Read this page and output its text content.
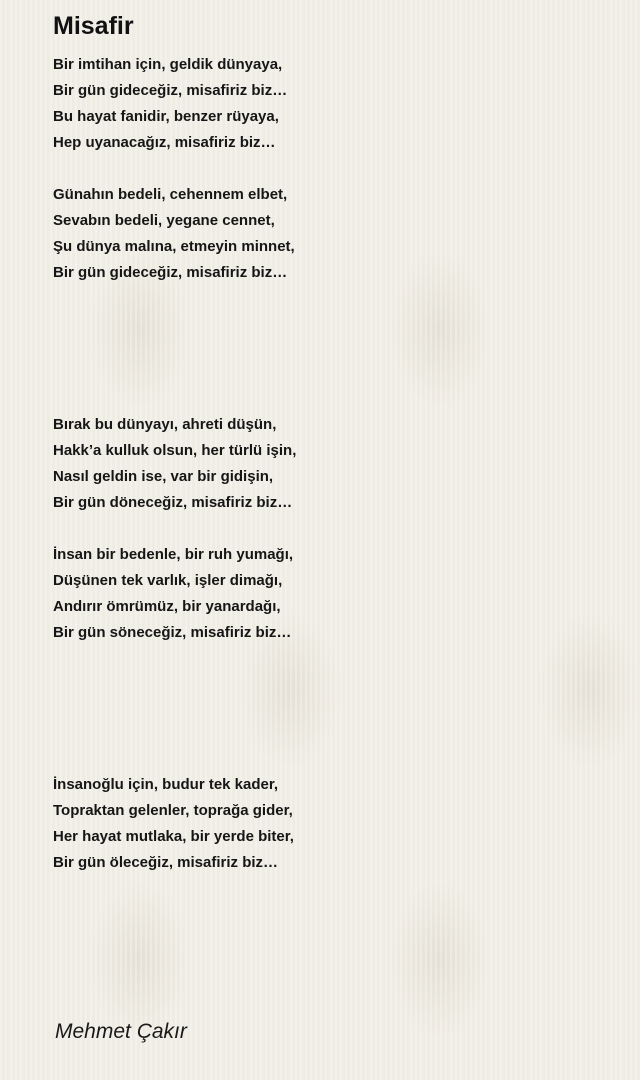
Misafir
Bir imtihan için, geldik dünyaya,
Bir gün gideceğiz, misafiriz biz…
Bu hayat fanidir, benzer rüyaya,
Hep uyanacağız, misafiriz biz…
Günahın bedeli, cehennem elbet,
Sevabın bedeli, yegane cennet,
Şu dünya malına, etmeyin minnet,
Bir gün gideceğiz, misafiriz biz…
Bırak bu dünyayı, ahreti düşün,
Hakk’a kulluk olsun, her türlü işin,
Nasıl geldin ise, var bir gidişin,
Bir gün döneceğiz, misafiriz biz…
İnsan bir bedenle, bir ruh yumağı,
Düşünen tek varlık, işler dimağı,
Andırır ömrümüz, bir yanardağı,
Bir gün söneceğiz, misafiriz biz…
İnsanoğlu için, budur tek kader,
Topraktan gelenler, toprağa gider,
Her hayat mutlaka, bir yerde biter,
Bir gün öleceğiz, misafiriz biz…

Mehmet Çakır
